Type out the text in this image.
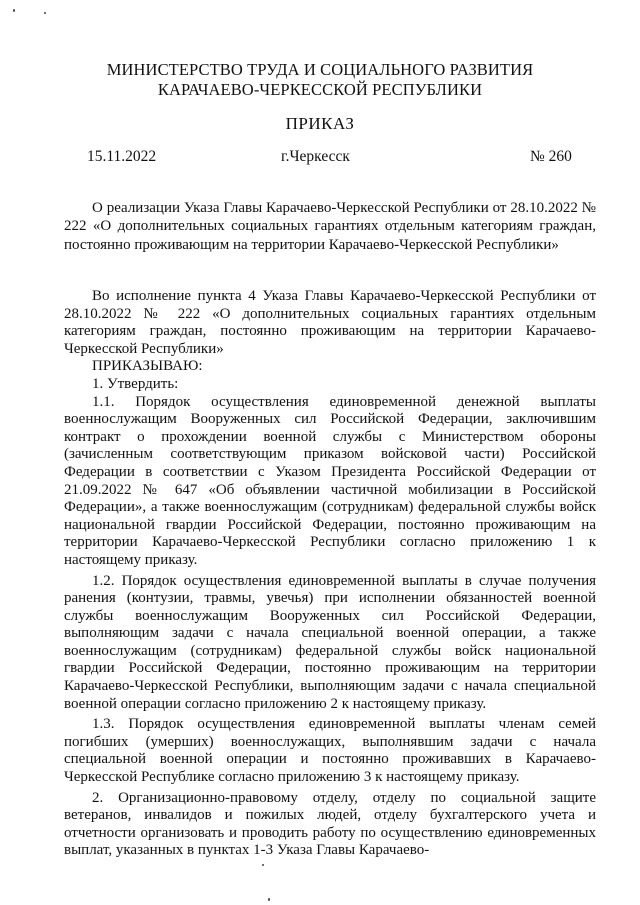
МИНИСТЕРСТВО ТРУДА И СОЦИАЛЬНОГО РАЗВИТИЯ
КАРАЧАЕВО-ЧЕРКЕССКОЙ РЕСПУБЛИКИ
ПРИКАЗ
15.11.2022	г.Черкесск	№ 260
О реализации Указа Главы Карачаево-Черкесской Республики от 28.10.2022 № 222 «О дополнительных социальных гарантиях отдельным категориям граждан, постоянно проживающим на территории Карачаево-Черкесской Республики»

Во исполнение пункта 4 Указа Главы Карачаево-Черкесской Республики от 28.10.2022 № 222 «О дополнительных социальных гарантиях отдельным категориям граждан, постоянно проживающим на территории Карачаево-Черкесской Республики»

ПРИКАЗЫВАЮ:

1. Утвердить:

1.1. Порядок осуществления единовременной денежной выплаты военнослужащим Вооруженных сил Российской Федерации, заключившим контракт о прохождении военной службы с Министерством обороны (зачисленным соответствующим приказом войсковой части) Российской Федерации в соответствии с Указом Президента Российской Федерации от 21.09.2022 № 647 «Об объявлении частичной мобилизации в Российской Федерации», а также военнослужащим (сотрудникам) федеральной службы войск национальной гвардии Российской Федерации, постоянно проживающим на территории Карачаево-Черкесской Республики согласно приложению 1 к настоящему приказу.

1.2. Порядок осуществления единовременной выплаты в случае получения ранения (контузии, травмы, увечья) при исполнении обязанностей военной службы военнослужащим Вооруженных сил Российской Федерации, выполняющим задачи с начала специальной военной операции, а также военнослужащим (сотрудникам) федеральной службы войск национальной гвардии Российской Федерации, постоянно проживающим на территории Карачаево-Черкесской Республики, выполняющим задачи с начала специальной военной операции согласно приложению 2 к настоящему приказу.

1.3. Порядок осуществления единовременной выплаты членам семей погибших (умерших) военнослужащих, выполнявшим задачи с начала специальной военной операции и постоянно проживавших в Карачаево-Черкесской Республике согласно приложению 3 к настоящему приказу.

2. Организационно-правовому отделу, отделу по социальной защите ветеранов, инвалидов и пожилых людей, отделу бухгалтерского учета и отчетности организовать и проводить работу по осуществлению единовременных выплат, указанных в пунктах 1-3 Указа Главы Карачаево-
